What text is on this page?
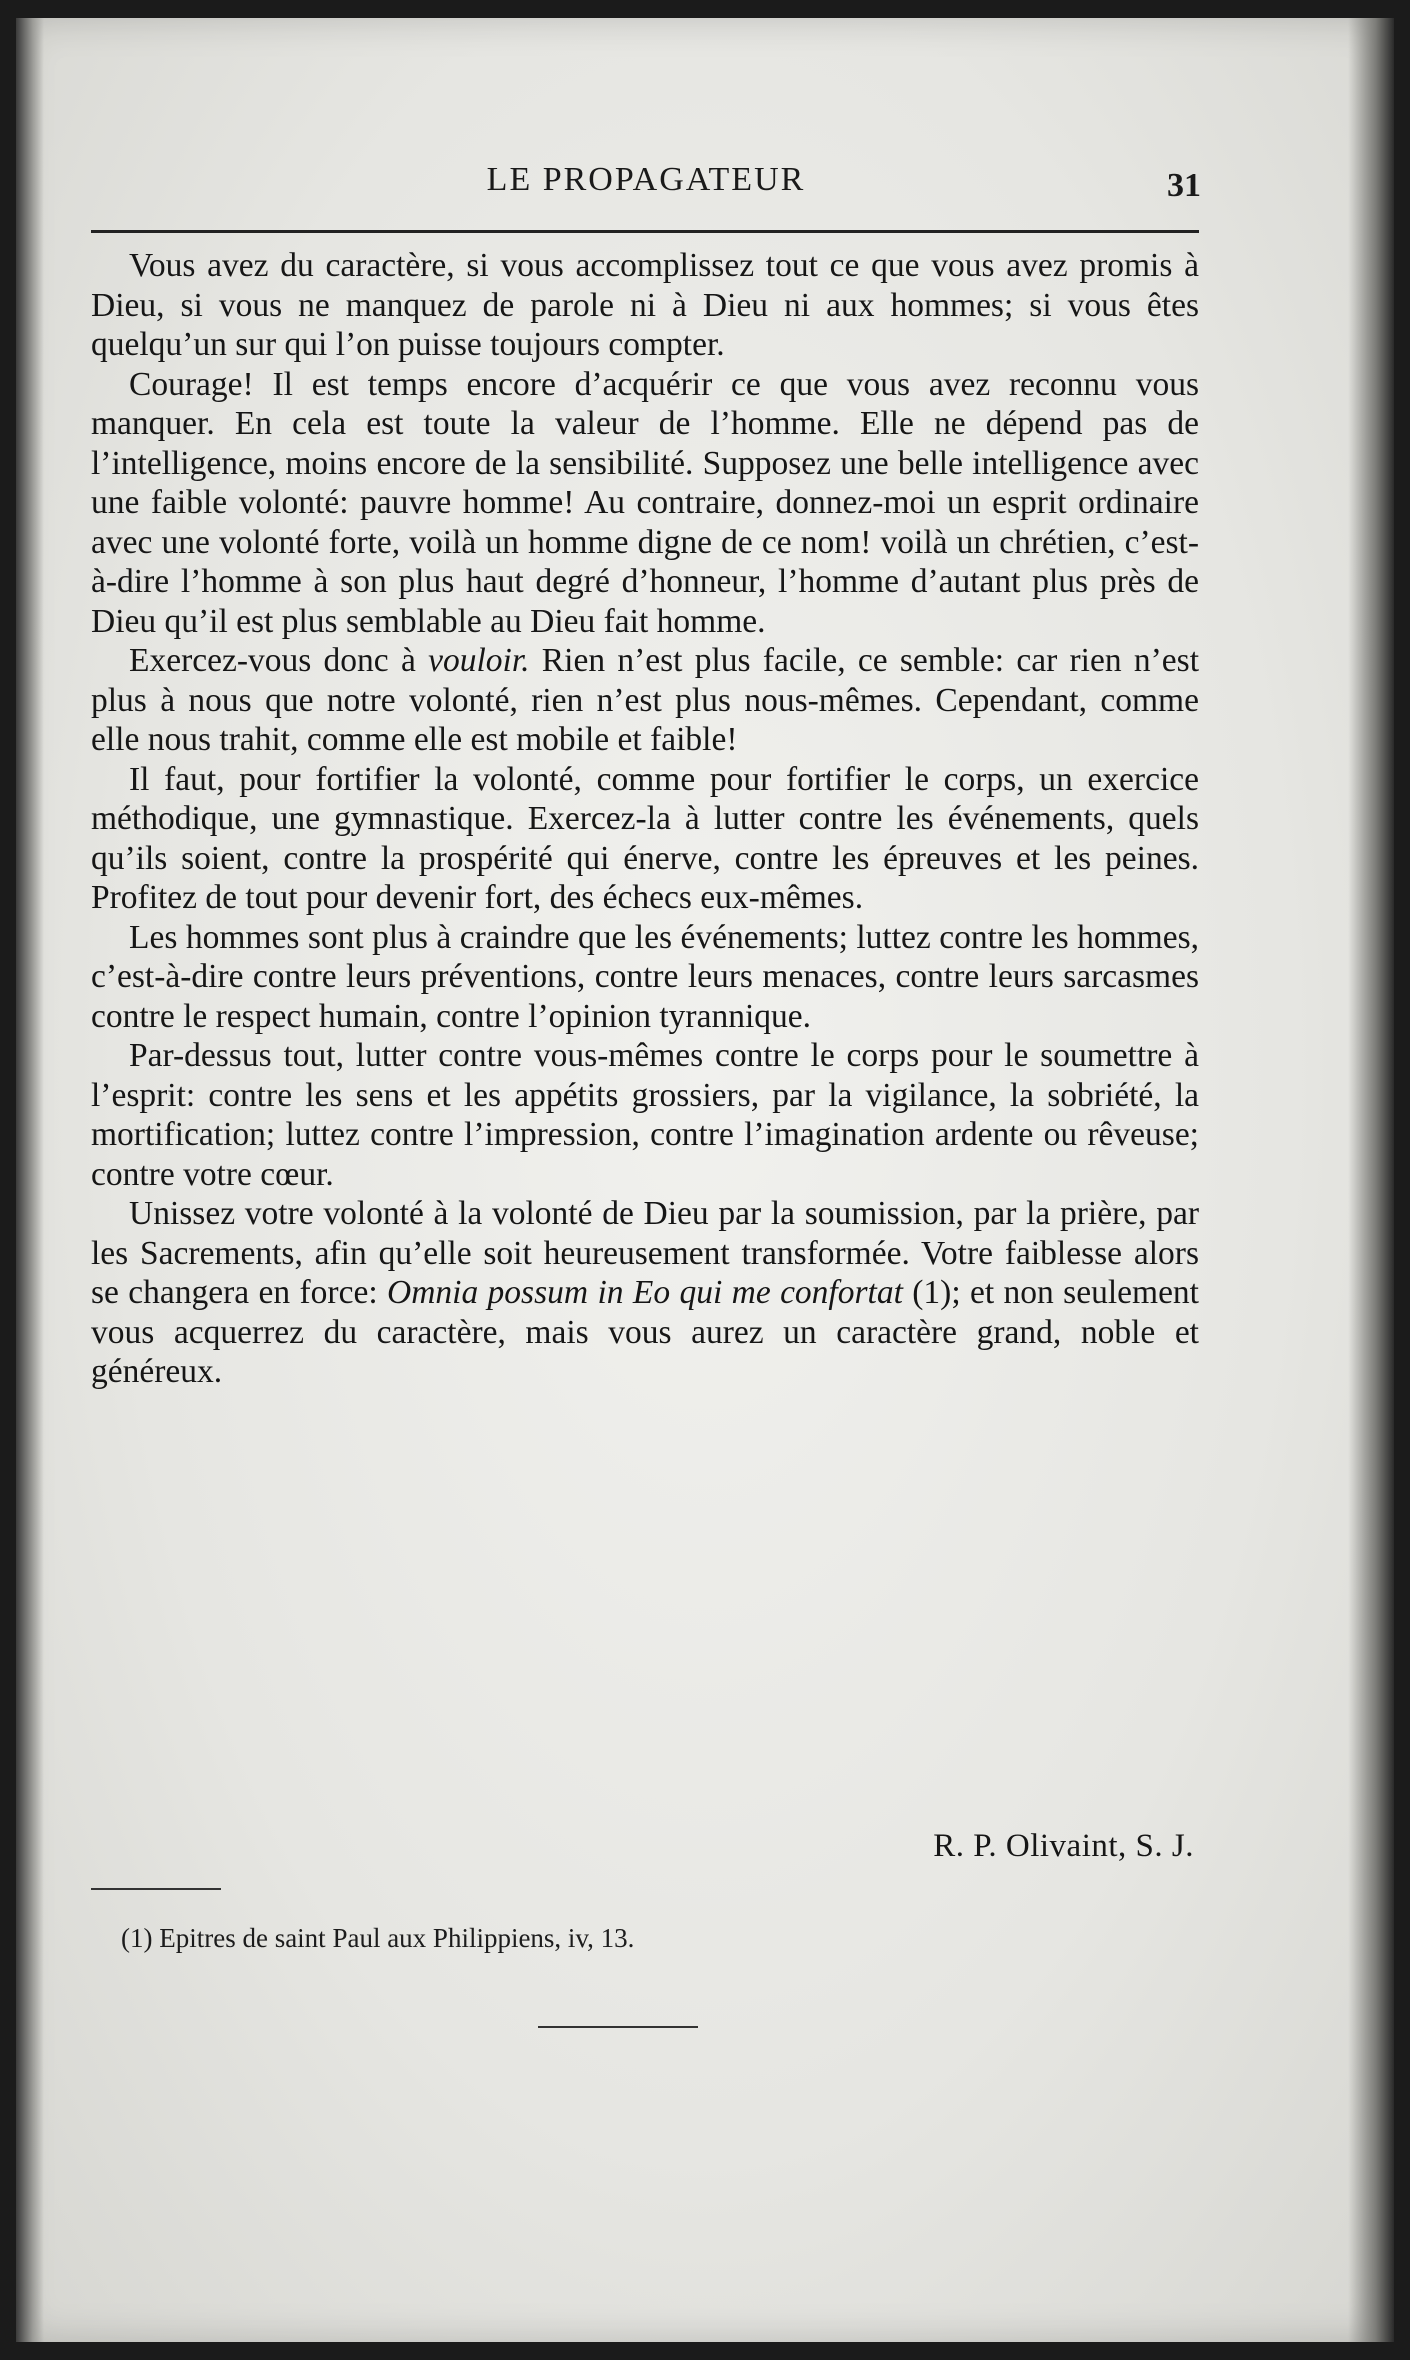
LE PROPAGATEUR	31

Vous avez du caractère, si vous accomplissez tout ce que vous avez promis à Dieu, si vous ne manquez de parole ni à Dieu ni aux hommes; si vous êtes quelqu’un sur qui l’on puisse toujours compter.

Courage! Il est temps encore d’acquérir ce que vous avez reconnu vous manquer. En cela est toute la valeur de l’homme. Elle ne dépend pas de l’intelligence, moins encore de la sensibilité. Supposez une belle intelligence avec une faible volonté: pauvre homme! Au contraire, donnez-moi un esprit ordinaire avec une volonté forte, voilà un homme digne de ce nom! voilà un chrétien, c’est-à-dire l’homme à son plus haut degré d’honneur, l’homme d’autant plus près de Dieu qu’il est plus semblable au Dieu fait homme.

Exercez-vous donc à vouloir. Rien n’est plus facile, ce semble: car rien n’est plus à nous que notre volonté, rien n’est plus nous-mêmes. Cependant, comme elle nous trahit, comme elle est mobile et faible!

Il faut, pour fortifier la volonté, comme pour fortifier le corps, un exercice méthodique, une gymnastique. Exercez-la à lutter contre les événements, quels qu’ils soient, contre la prospérité qui énerve, contre les épreuves et les peines. Profitez de tout pour devenir fort, des échecs eux-mêmes.

Les hommes sont plus à craindre que les événements; luttez contre les hommes, c’est-à-dire contre leurs préventions, contre leurs menaces, contre leurs sarcasmes contre le respect humain, contre l’opinion tyrannique.

Par-dessus tout, lutter contre vous-mêmes contre le corps pour le soumettre à l’esprit: contre les sens et les appétits grossiers, par la vigilance, la sobriété, la mortification; luttez contre l’impression, contre l’imagination ardente ou rêveuse; contre votre cœur.

Unissez votre volonté à la volonté de Dieu par la soumission, par la prière, par les Sacrements, afin qu’elle soit heureusement transformée. Votre faiblesse alors se changera en force: Omnia possum in Eo qui me confortat (1); et non seulement vous acquerrez du caractère, mais vous aurez un caractère grand, noble et généreux.

R. P. Olivaint, S. J.
(1) Epitres de saint Paul aux Philippiens, iv, 13.
